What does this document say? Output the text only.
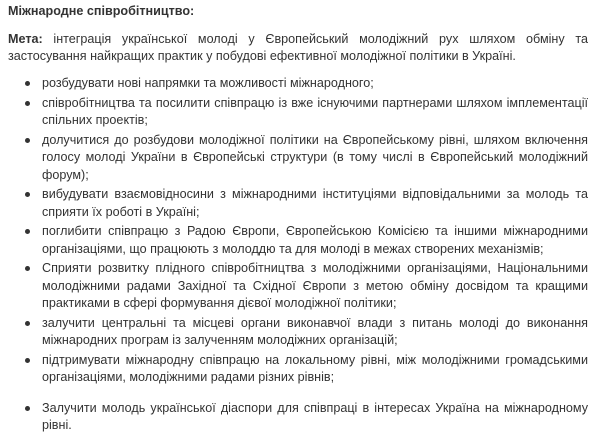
Міжнародне співробітництво:

Мета: інтеграція української молоді у Європейський молодіжний рух шляхом обміну та застосування найкращих практик у побудові ефективної молодіжної політики в Україні.

розбудувати нові напрямки та можливості міжнародного;
співробітництва та посилити співпрацю із вже існуючими партнерами шляхом імплементації спільних проектів;
долучитися до розбудови молодіжної політики на Європейському рівні, шляхом включення голосу молоді України в Європейські структури (в тому числі в Європейський молодіжний форум);
вибудувати взаємовідносини з міжнародними інституціями відповідальними за молодь та сприяти їх роботі в Україні;
поглибити співпрацю з Радою Європи, Європейською Комісією та іншими міжнародними організаціями, що працюють з молоддю та для молоді в межах створених механізмів;
Сприяти розвитку плідного співробітництва з молодіжними організаціями, Національними молодіжними радами Західної та Східної Європи з метою обміну досвідом та кращими практиками в сфері формування дієвої молодіжної політики;
залучити центральні та місцеві органи виконавчої влади з питань молоді до виконання міжнародних програм із залученням молодіжних організацій;
підтримувати міжнародну співпрацю на локальному рівні, між молодіжними громадськими організаціями, молодіжними радами різних рівнів;
Залучити молодь української діаспори для співпраці в інтересах Україна на міжнародному рівні.
